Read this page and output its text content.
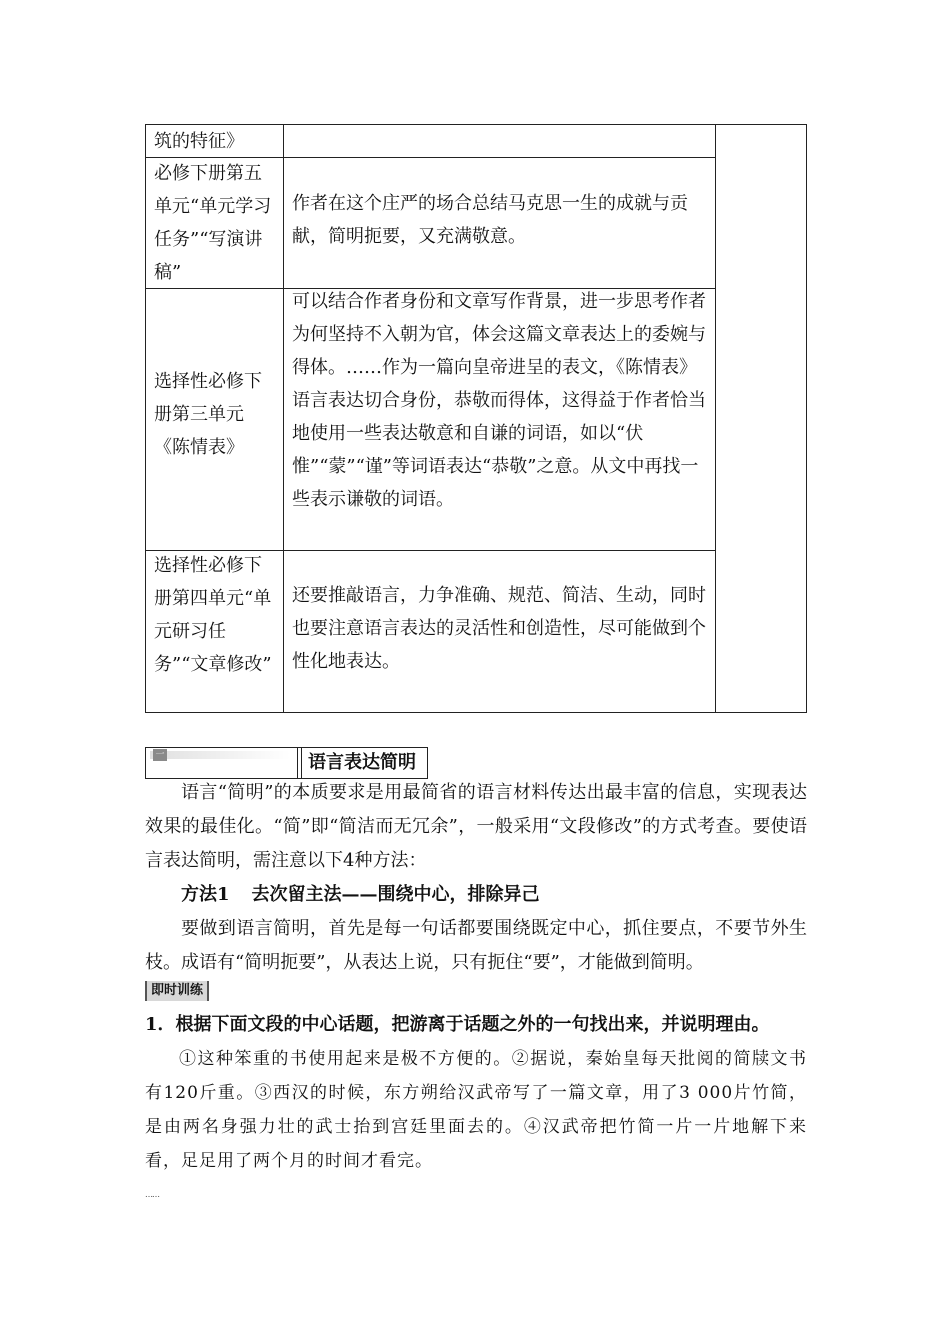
筑的特征》
必修下册第五单元“单元学习任务”“写演讲稿”
作者在这个庄严的场合总结马克思一生的成就与贡献，简明扼要，又充满敬意。
选择性必修下册第三单元《陈情表》
可以结合作者身份和文章写作背景，进一步思考作者为何坚持不入朝为官，体会这篇文章表达上的委婉与得体。……作为一篇向皇帝进呈的表文，《陈情表》语言表达切合身份，恭敬而得体，这得益于作者恰当地使用一些表达敬意和自谦的词语，如以“伏惟”“蒙”“谨”等词语表达“恭敬”之意。从文中再找一些表示谦敬的词语。
选择性必修下册第四单元“单元研习任务”“文章修改”
还要推敲语言，力争准确、规范、简洁、生动，同时也要注意语言表达的灵活性和创造性，尽可能做到个性化地表达。
一	语言表达简明
语言“简明”的本质要求是用最简省的语言材料传达出最丰富的信息，实现表达效果的最佳化。“简”即“简洁而无冗余”，一般采用“文段修改”的方式考查。要使语言表达简明，需注意以下4种方法：
方法1 去次留主法——围绕中心，排除异己
要做到语言简明，首先是每一句话都要围绕既定中心，抓住要点，不要节外生枝。成语有“简明扼要”，从表达上说，只有扼住“要”，才能做到简明。
即时训练
1．根据下面文段的中心话题，把游离于话题之外的一句找出来，并说明理由。
①这种笨重的书使用起来是极不方便的。②据说，秦始皇每天批阅的简牍文书有120斤重。③西汉的时候，东方朔给汉武帝写了一篇文章，用了3 000片竹简，是由两名身强力壮的武士抬到宫廷里面去的。④汉武帝把竹简一片一片地解下来看，足足用了两个月的时间才看完。
……
